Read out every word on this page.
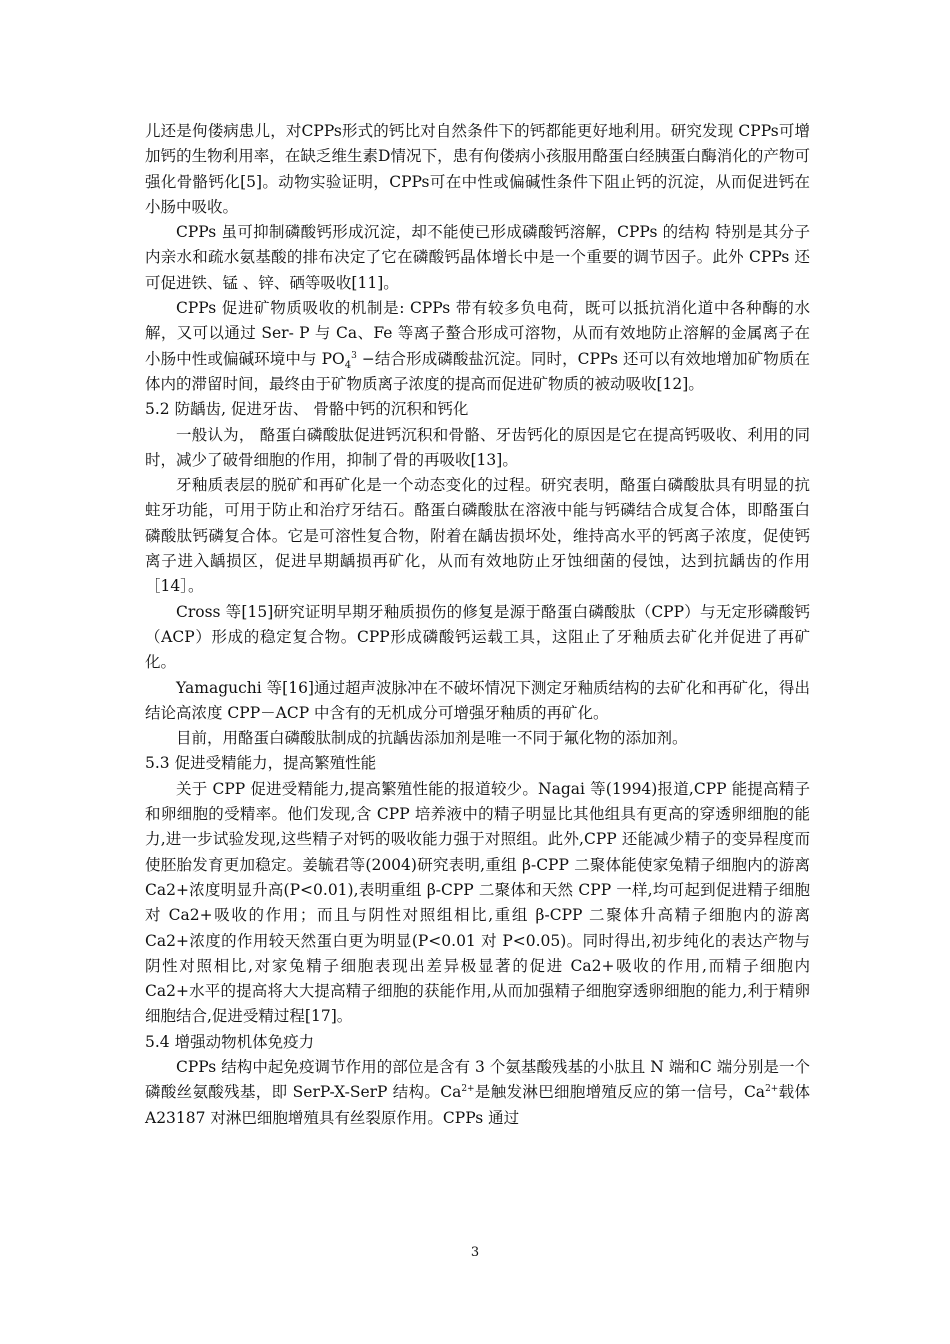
儿还是佝偻病患儿，对CPPs形式的钙比对自然条件下的钙都能更好地利用。研究发现 CPPs可增加钙的生物利用率，在缺乏维生素D情况下，患有佝偻病小孩服用酪蛋白经胰蛋白酶消化的产物可强化骨骼钙化[5]。动物实验证明，CPPs可在中性或偏碱性条件下阻止钙的沉淀，从而促进钙在小肠中吸收。

CPPs 虽可抑制磷酸钙形成沉淀，却不能使已形成磷酸钙溶解，CPPs 的结构 特别是其分子内亲水和疏水氨基酸的排布决定了它在磷酸钙晶体增长中是一个重要的调节因子。此外 CPPs 还可促进铁、锰 、锌、硒等吸收[11]。

CPPs 促进矿物质吸收的机制是: CPPs 带有较多负电荷，既可以抵抗消化道中各种酶的水解，又可以通过 Ser- P 与 Ca、Fe 等离子螯合形成可溶物，从而有效地防止溶解的金属离子在小肠中性或偏碱环境中与 $PO_4^3$ −结合形成磷酸盐沉淀。同时，CPPs 还可以有效地增加矿物质在体内的滞留时间，最终由于矿物质离子浓度的提高而促进矿物质的被动吸收[12]。

5.2 防龋齿, 促进牙齿、 骨骼中钙的沉积和钙化

一般认为， 酪蛋白磷酸肽促进钙沉积和骨骼、牙齿钙化的原因是它在提高钙吸收、利用的同时，减少了破骨细胞的作用，抑制了骨的再吸收[13]。

牙釉质表层的脱矿和再矿化是一个动态变化的过程。研究表明，酪蛋白磷酸肽具有明显的抗蛀牙功能，可用于防止和治疗牙结石。酪蛋白磷酸肽在溶液中能与钙磷结合成复合体，即酪蛋白磷酸肽钙磷复合体。它是可溶性复合物，附着在龋齿损坏处，维持高水平的钙离子浓度，促使钙离子进入龋损区，促进早期龋损再矿化，从而有效地防止牙蚀细菌的侵蚀，达到抗龋齿的作用［14］。

Cross 等[15]研究证明早期牙釉质损伤的修复是源于酪蛋白磷酸肽（CPP）与无定形磷酸钙（ACP）形成的稳定复合物。CPP形成磷酸钙运载工具，这阻止了牙釉质去矿化并促进了再矿化。

Yamaguchi 等[16]通过超声波脉冲在不破坏情况下测定牙釉质结构的去矿化和再矿化，得出结论高浓度 CPP－ACP 中含有的无机成分可增强牙釉质的再矿化。

目前，用酪蛋白磷酸肽制成的抗龋齿添加剂是唯一不同于氟化物的添加剂。

5.3 促进受精能力，提高繁殖性能

关于 CPP 促进受精能力,提高繁殖性能的报道较少。Nagai 等(1994)报道,CPP 能提高精子和卵细胞的受精率。他们发现,含 CPP 培养液中的精子明显比其他组具有更高的穿透卵细胞的能力,进一步试验发现,这些精子对钙的吸收能力强于对照组。此外,CPP 还能减少精子的变异程度而使胚胎发育更加稳定。姜毓君等(2004)研究表明,重组 β-CPP 二聚体能使家兔精子细胞内的游离 Ca2+浓度明显升高(P<0.01),表明重组 β-CPP 二聚体和天然 CPP 一样,均可起到促进精子细胞对 Ca2+吸收的作用；而且与阴性对照组相比,重组 β-CPP 二聚体升高精子细胞内的游离 Ca2+浓度的作用较天然蛋白更为明显(P<0.01 对 P<0.05)。同时得出,初步纯化的表达产物与阴性对照相比,对家兔精子细胞表现出差异极显著的促进 Ca2+吸收的作用,而精子细胞内 Ca2+水平的提高将大大提高精子细胞的获能作用,从而加强精子细胞穿透卵细胞的能力,利于精卵细胞结合,促进受精过程[17]。

5.4 增强动物机体免疫力

CPPs 结构中起免疫调节作用的部位是含有 3 个氨基酸残基的小肽且 N 端和C 端分别是一个磷酸丝氨酸残基，即 SerP-X-SerP 结构。$Ca^{2+}$是触发淋巴细胞增殖反应的第一信号，$Ca^{2+}$载体 A23187 对淋巴细胞增殖具有丝裂原作用。CPPs 通过

3
